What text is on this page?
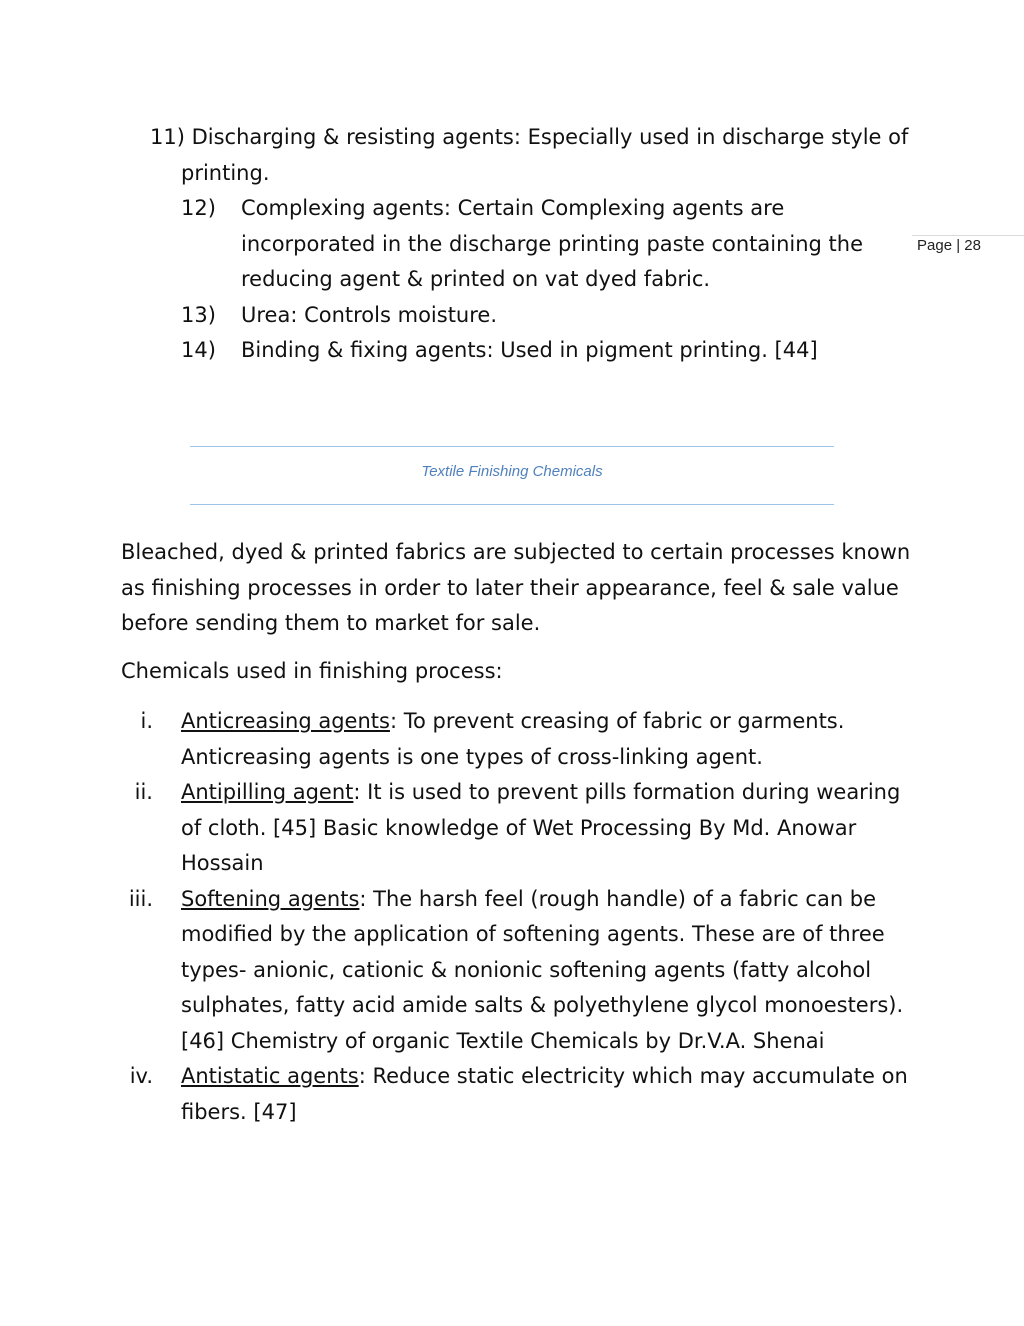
Page | 28
11) Discharging & resisting agents: Especially used in discharge style of printing.
12) Complexing agents: Certain Complexing agents are incorporated in the discharge printing paste containing the reducing agent & printed on vat dyed fabric.
13) Urea: Controls moisture.
14) Binding & fixing agents: Used in pigment printing. [44]
Textile Finishing Chemicals
Bleached, dyed & printed fabrics are subjected to certain processes known as finishing processes in order to later their appearance, feel & sale value before sending them to market for sale.
Chemicals used in finishing process:
i. Anticreasing agents: To prevent creasing of fabric or garments. Anticreasing agents is one types of cross-linking agent.
ii. Antipilling agent: It is used to prevent pills formation during wearing of cloth. [45] Basic knowledge of Wet Processing By Md. Anowar Hossain
iii. Softening agents: The harsh feel (rough handle) of a fabric can be modified by the application of softening agents. These are of three types- anionic, cationic & nonionic softening agents (fatty alcohol sulphates, fatty acid amide salts & polyethylene glycol monoesters). [46] Chemistry of organic Textile Chemicals by Dr.V.A. Shenai
iv. Antistatic agents: Reduce static electricity which may accumulate on fibers. [47]
